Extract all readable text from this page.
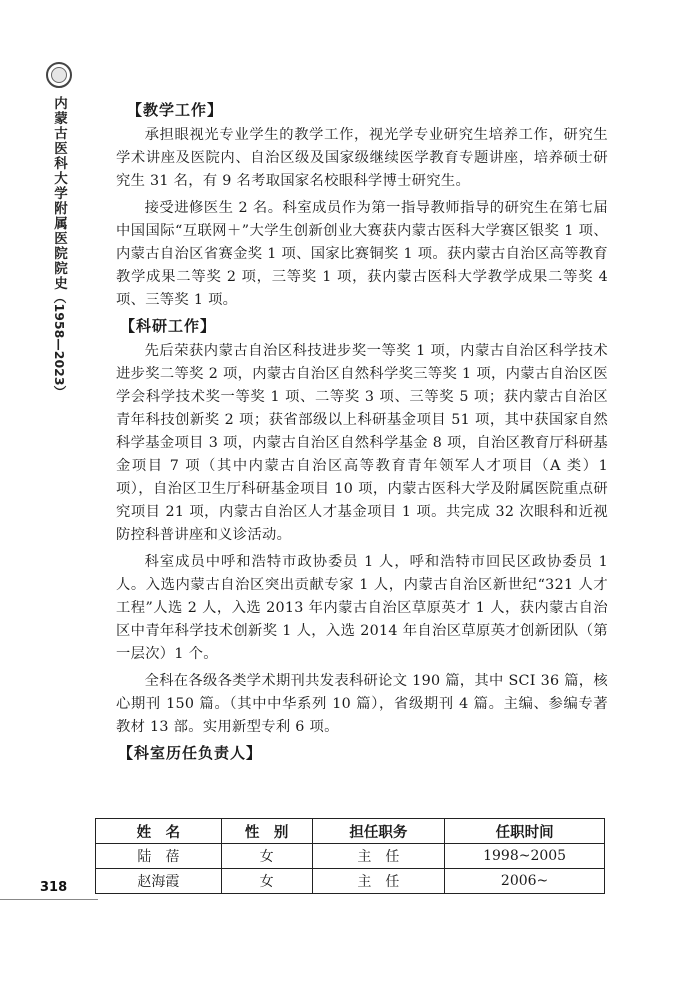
内蒙古医科大学附属医院院史（1958—2023）
318
【教学工作】

承担眼视光专业学生的教学工作，视光学专业研究生培养工作，研究生学术讲座及医院内、自治区级及国家级继续医学教育专题讲座，培养硕士研究生 31 名，有 9 名考取国家名校眼科学博士研究生。

接受进修医生 2 名。科室成员作为第一指导教师指导的研究生在第七届中国国际“互联网＋”大学生创新创业大赛获内蒙古医科大学赛区银奖 1 项、内蒙古自治区省赛金奖 1 项、国家比赛铜奖 1 项。获内蒙古自治区高等教育教学成果二等奖 2 项，三等奖 1 项，获内蒙古医科大学教学成果二等奖 4 项、三等奖 1 项。

【科研工作】

先后荣获内蒙古自治区科技进步奖一等奖 1 项，内蒙古自治区科学技术进步奖二等奖 2 项，内蒙古自治区自然科学奖三等奖 1 项，内蒙古自治区医学会科学技术奖一等奖 1 项、二等奖 3 项、三等奖 5 项；获内蒙古自治区青年科技创新奖 2 项；获省部级以上科研基金项目 51 项，其中获国家自然科学基金项目 3 项，内蒙古自治区自然科学基金 8 项，自治区教育厅科研基金项目 7 项（其中内蒙古自治区高等教育青年领军人才项目（A 类）1 项），自治区卫生厅科研基金项目 10 项，内蒙古医科大学及附属医院重点研究项目 21 项，内蒙古自治区人才基金项目 1 项。共完成 32 次眼科和近视防控科普讲座和义诊活动。

科室成员中呼和浩特市政协委员 1 人，呼和浩特市回民区政协委员 1 人。入选内蒙古自治区突出贡献专家 1 人，内蒙古自治区新世纪“321 人才工程”人选 2 人，入选 2013 年内蒙古自治区草原英才 1 人，获内蒙古自治区中青年科学技术创新奖 1 人，入选 2014 年自治区草原英才创新团队（第一层次）1 个。

全科在各级各类学术期刊共发表科研论文 190 篇，其中 SCI 36 篇，核心期刊 150 篇。（其中中华系列 10 篇），省级期刊 4 篇。主编、参编专著教材 13 部。实用新型专利 6 项。

【科室历任负责人】
姓　名	性　别	担任职务	任职时间
陆　蓓	女	主　任	1998~2005
赵海霞	女	主　任	2006~
